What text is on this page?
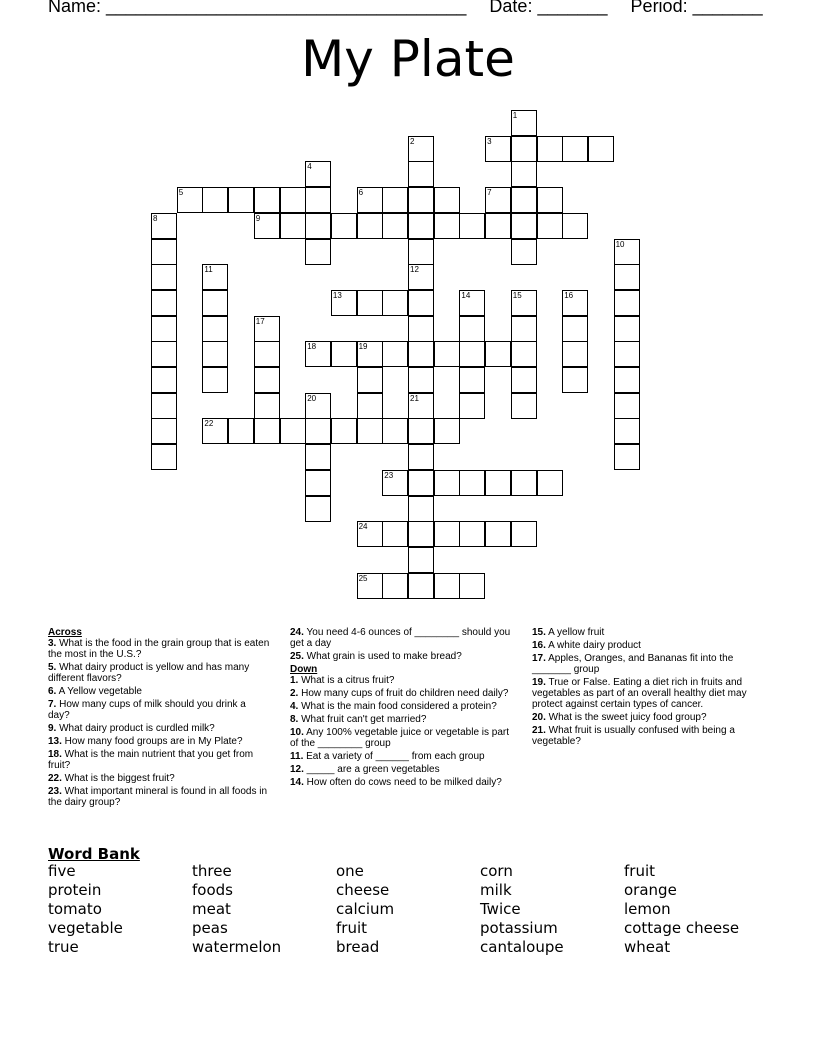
Name: ____________________________________ Date: _______ Period: _______
My Plate
1
2	3
4
5	6	7
8	9
10
11	12
13	14	15	16
17
18	19
20	21
22
23
24
25
Across

3. What is the food in the grain group that is eaten the most in the U.S.?

5. What dairy product is yellow and has many different flavors?

6. A Yellow vegetable

7. How many cups of milk should you drink a day?

9. What dairy product is curdled milk?

13. How many food groups are in My Plate?

18. What is the main nutrient that you get from fruit?

22. What is the biggest fruit?

23. What important mineral is found in all foods in the dairy group?

24. You need 4-6 ounces of ________ should you get a day

25. What grain is used to make bread?

Down

1. What is a citrus fruit?

2. How many cups of fruit do children need daily?

4. What is the main food considered a protein?

8. What fruit can't get married?

10. Any 100% vegetable juice or vegetable is part of the ________ group

11. Eat a variety of ______ from each group

12. _____ are a green vegetables

14. How often do cows need to be milked daily?

15. A yellow fruit

16. A white dairy product

17. Apples, Oranges, and Bananas fit into the _______ group

19. True or False. Eating a diet rich in fruits and vegetables as part of an overall healthy diet may protect against certain types of cancer.

20. What is the sweet juicy food group?

21. What fruit is usually confused with being a vegetable?

Word Bank
five	three	one	corn	fruit
protein	foods	cheese	milk	orange
tomato	meat	calcium	Twice	lemon
vegetable	peas	fruit	potassium	cottage cheese
true	watermelon	bread	cantaloupe	wheat
